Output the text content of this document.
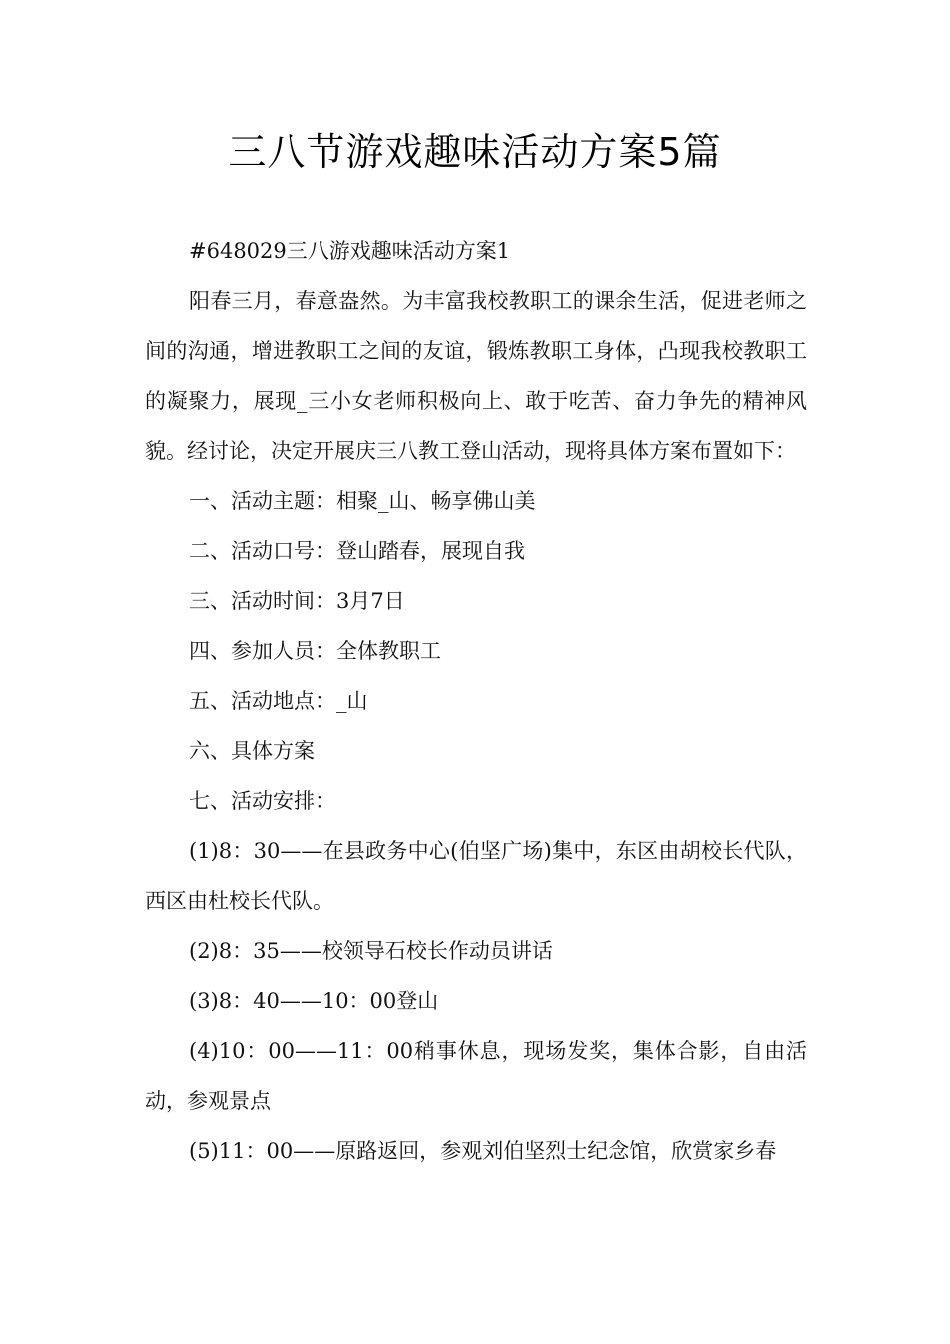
三八节游戏趣味活动方案5篇

#648029三八游戏趣味活动方案1

阳春三月，春意盎然。为丰富我校教职工的课余生活，促进老师之间的沟通，增进教职工之间的友谊，锻炼教职工身体，凸现我校教职工的凝聚力，展现_三小女老师积极向上、敢于吃苦、奋力争先的精神风貌。经讨论，决定开展庆三八教工登山活动，现将具体方案布置如下：

一、活动主题：相聚_山、畅享佛山美

二、活动口号：登山踏春，展现自我

三、活动时间：3月7日

四、参加人员：全体教职工

五、活动地点：_山

六、具体方案

七、活动安排：

(1)8：30——在县政务中心(伯坚广场)集中，东区由胡校长代队，西区由杜校长代队。

(2)8：35——校领导石校长作动员讲话

(3)8：40——10：00登山

(4)10：00——11：00稍事休息，现场发奖，集体合影，自由活动，参观景点

(5)11：00——原路返回，参观刘伯坚烈士纪念馆，欣赏家乡春
